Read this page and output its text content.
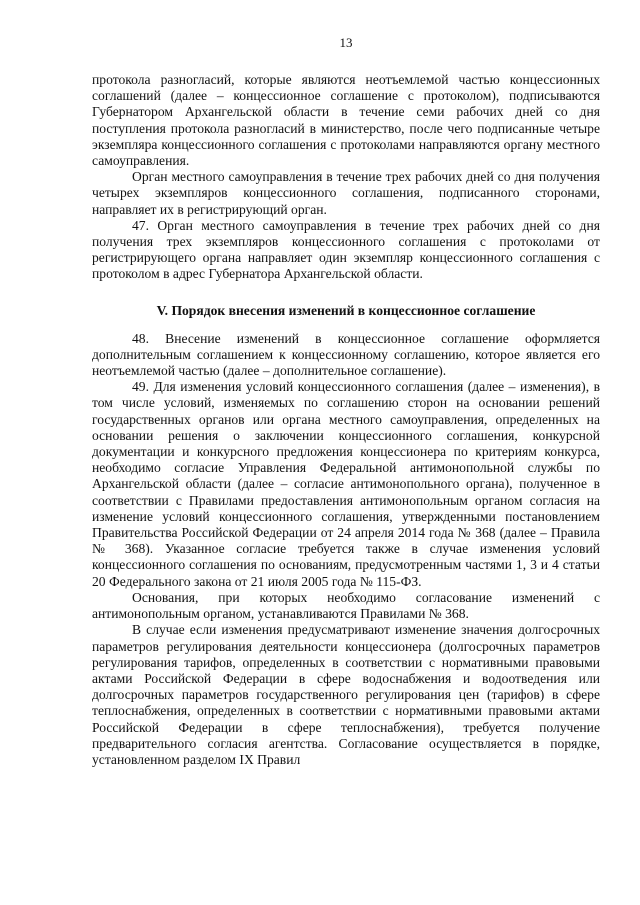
13

протокола разногласий, которые являются неотъемлемой частью концессионных соглашений (далее – концессионное соглашение с протоколом), подписываются Губернатором Архангельской области в течение семи рабочих дней со дня поступления протокола разногласий в министерство, после чего подписанные четыре экземпляра концессионного соглашения с протоколами направляются органу местного самоуправления.

Орган местного самоуправления в течение трех рабочих дней со дня получения четырех экземпляров концессионного соглашения, подписанного сторонами, направляет их в регистрирующий орган.

47. Орган местного самоуправления в течение трех рабочих дней со дня получения трех экземпляров концессионного соглашения с протоколами от регистрирующего органа направляет один экземпляр концессионного соглашения с протоколом в адрес Губернатора Архангельской области.

V. Порядок внесения изменений в концессионное соглашение

48. Внесение изменений в концессионное соглашение оформляется дополнительным соглашением к концессионному соглашению, которое является его неотъемлемой частью (далее – дополнительное соглашение).

49. Для изменения условий концессионного соглашения (далее – изменения), в том числе условий, изменяемых по соглашению сторон на основании решений государственных органов или органа местного самоуправления, определенных на основании решения о заключении концессионного соглашения, конкурсной документации и конкурсного предложения концессионера по критериям конкурса, необходимо согласие Управления Федеральной антимонопольной службы по Архангельской области (далее – согласие антимонопольного органа), полученное в соответствии с Правилами предоставления антимонопольным органом согласия на изменение условий концессионного соглашения, утвержденными постановлением Правительства Российской Федерации от 24 апреля 2014 года № 368 (далее – Правила № 368). Указанное согласие требуется также в случае изменения условий концессионного соглашения по основаниям, предусмотренным частями 1, 3 и 4 статьи 20 Федерального закона от 21 июля 2005 года № 115-ФЗ.

Основания, при которых необходимо согласование изменений с антимонопольным органом, устанавливаются Правилами № 368.

В случае если изменения предусматривают изменение значения долгосрочных параметров регулирования деятельности концессионера (долгосрочных параметров регулирования тарифов, определенных в соответствии с нормативными правовыми актами Российской Федерации в сфере водоснабжения и водоотведения или долгосрочных параметров государственного регулирования цен (тарифов) в сфере теплоснабжения, определенных в соответствии с нормативными правовыми актами Российской Федерации в сфере теплоснабжения), требуется получение предварительного согласия агентства. Согласование осуществляется в порядке, установленном разделом IX Правил
